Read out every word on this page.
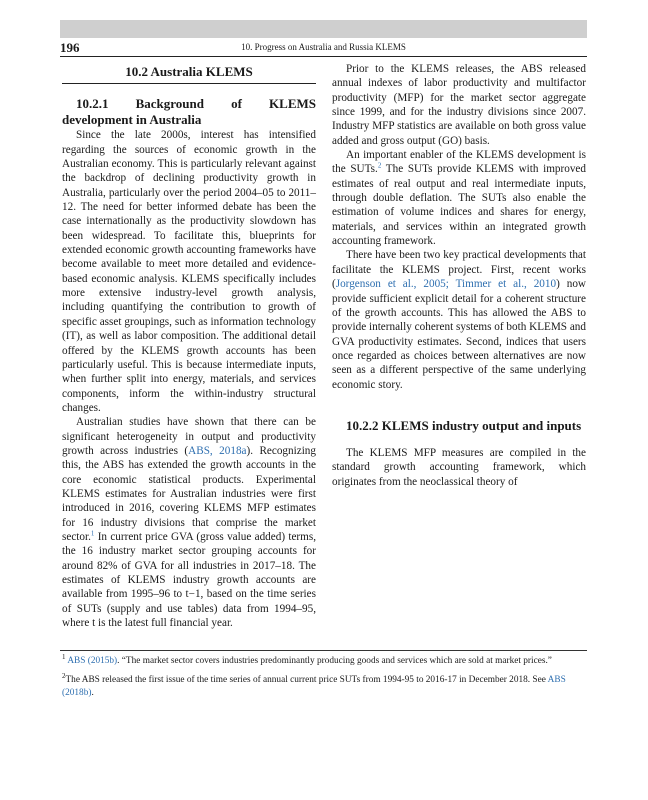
196	10. Progress on Australia and Russia KLEMS
10.2 Australia KLEMS

10.2.1 Background of KLEMS development in Australia

Since the late 2000s, interest has intensified regarding the sources of economic growth in the Australian economy. This is particularly relevant against the backdrop of declining productivity growth in Australia, particularly over the period 2004–05 to 2011–12. The need for better informed debate has been the case internationally as the productivity slowdown has been widespread. To facilitate this, blueprints for extended economic growth accounting frameworks have become available to meet more detailed and evidence-based economic analysis. KLEMS specifically includes more extensive industry-level growth analysis, including quantifying the contribution to growth of specific asset groupings, such as information technology (IT), as well as labor composition. The additional detail offered by the KLEMS growth accounts has been particularly useful. This is because intermediate inputs, when further split into energy, materials, and services components, inform the within-industry structural changes.

Australian studies have shown that there can be significant heterogeneity in output and productivity growth across industries (ABS, 2018a). Recognizing this, the ABS has extended the growth accounts in the core economic statistical products. Experimental KLEMS estimates for Australian industries were first introduced in 2016, covering KLEMS MFP estimates for 16 industry divisions that comprise the market sector.$^1$ In current price GVA (gross value added) terms, the 16 industry market sector grouping accounts for around 82% of GVA for all industries in 2017–18. The estimates of KLEMS industry growth accounts are available from 1995–96 to t−1, based on the time series of SUTs (supply and use tables) data from 1994–95, where t is the latest full financial year.

Prior to the KLEMS releases, the ABS released annual indexes of labor productivity and multifactor productivity (MFP) for the market sector aggregate since 1999, and for the industry divisions since 2007. Industry MFP statistics are available on both gross value added and gross output (GO) basis.

An important enabler of the KLEMS development is the SUTs.$^2$ The SUTs provide KLEMS with improved estimates of real output and real intermediate inputs, through double deflation. The SUTs also enable the estimation of volume indices and shares for energy, materials, and services within an integrated growth accounting framework.

There have been two key practical developments that facilitate the KLEMS project. First, recent works (Jorgenson et al., 2005; Timmer et al., 2010) now provide sufficient explicit detail for a coherent structure of the growth accounts. This has allowed the ABS to provide internally coherent systems of both KLEMS and GVA productivity estimates. Second, indices that users once regarded as choices between alternatives are now seen as a different perspective of the same underlying economic story.

10.2.2 KLEMS industry output and inputs

The KLEMS MFP measures are compiled in the standard growth accounting framework, which originates from the neoclassical theory of

$^1$ ABS (2015b). “The market sector covers industries predominantly producing goods and services which are sold at market prices.”

$^2$The ABS released the first issue of the time series of annual current price SUTs from 1994-95 to 2016-17 in December 2018. See ABS (2018b).
